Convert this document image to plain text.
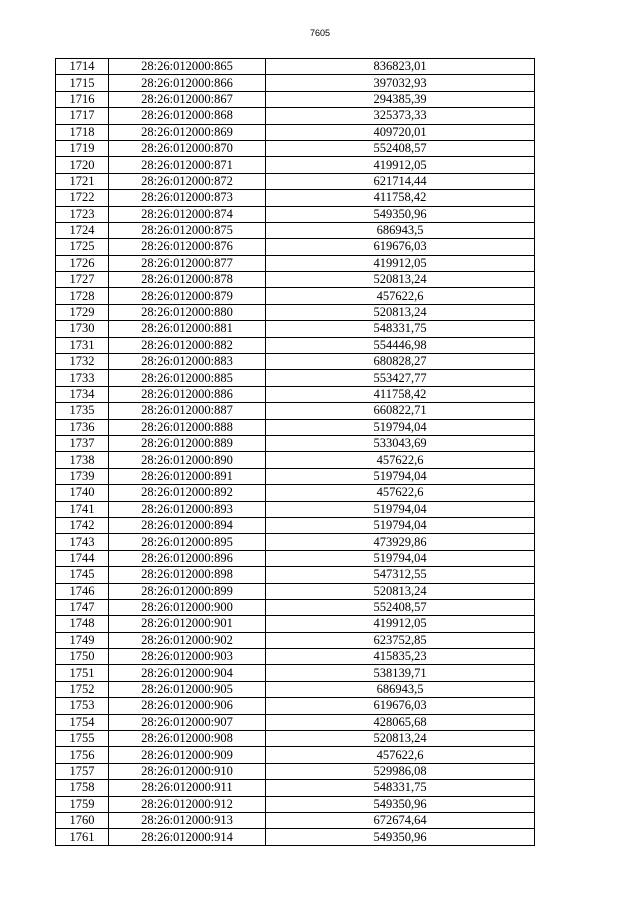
7605
1714	28:26:012000:865	836823,01
1715	28:26:012000:866	397032,93
1716	28:26:012000:867	294385,39
1717	28:26:012000:868	325373,33
1718	28:26:012000:869	409720,01
1719	28:26:012000:870	552408,57
1720	28:26:012000:871	419912,05
1721	28:26:012000:872	621714,44
1722	28:26:012000:873	411758,42
1723	28:26:012000:874	549350,96
1724	28:26:012000:875	686943,5
1725	28:26:012000:876	619676,03
1726	28:26:012000:877	419912,05
1727	28:26:012000:878	520813,24
1728	28:26:012000:879	457622,6
1729	28:26:012000:880	520813,24
1730	28:26:012000:881	548331,75
1731	28:26:012000:882	554446,98
1732	28:26:012000:883	680828,27
1733	28:26:012000:885	553427,77
1734	28:26:012000:886	411758,42
1735	28:26:012000:887	660822,71
1736	28:26:012000:888	519794,04
1737	28:26:012000:889	533043,69
1738	28:26:012000:890	457622,6
1739	28:26:012000:891	519794,04
1740	28:26:012000:892	457622,6
1741	28:26:012000:893	519794,04
1742	28:26:012000:894	519794,04
1743	28:26:012000:895	473929,86
1744	28:26:012000:896	519794,04
1745	28:26:012000:898	547312,55
1746	28:26:012000:899	520813,24
1747	28:26:012000:900	552408,57
1748	28:26:012000:901	419912,05
1749	28:26:012000:902	623752,85
1750	28:26:012000:903	415835,23
1751	28:26:012000:904	538139,71
1752	28:26:012000:905	686943,5
1753	28:26:012000:906	619676,03
1754	28:26:012000:907	428065,68
1755	28:26:012000:908	520813,24
1756	28:26:012000:909	457622,6
1757	28:26:012000:910	529986,08
1758	28:26:012000:911	548331,75
1759	28:26:012000:912	549350,96
1760	28:26:012000:913	672674,64
1761	28:26:012000:914	549350,96
